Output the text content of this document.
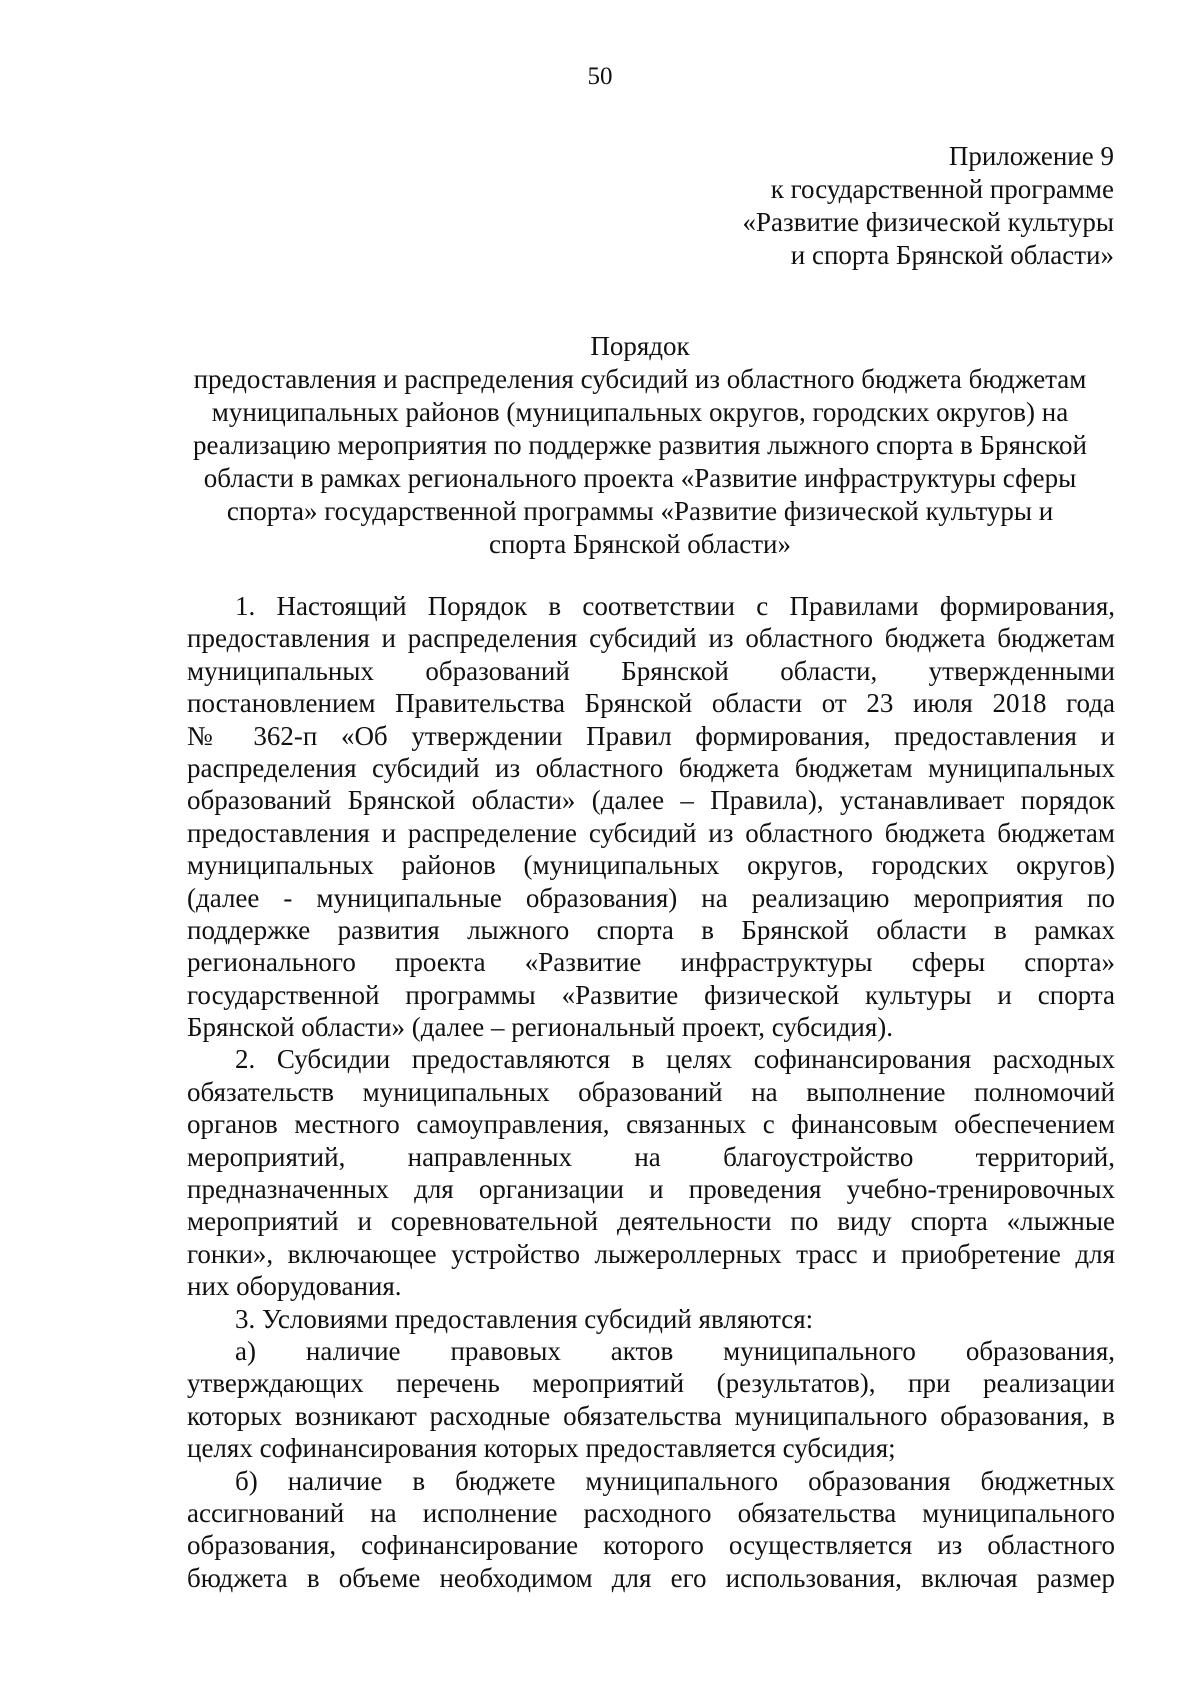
50
Приложение 9
к государственной программе
«Развитие физической культуры
и спорта Брянской области»
Порядок
предоставления и распределения субсидий из областного бюджета бюджетам
муниципальных районов (муниципальных округов, городских округов) на
реализацию мероприятия по поддержке развития лыжного спорта в Брянской
области в рамках регионального проекта «Развитие инфраструктуры сферы
спорта» государственной программы «Развитие физической культуры и
спорта Брянской области»
1. Настоящий Порядок в соответствии с Правилами формирования,
предоставления и распределения субсидий из областного бюджета бюджетам
муниципальных образований Брянской области, утвержденными
постановлением Правительства Брянской области от 23 июля 2018 года
№ 362-п «Об утверждении Правил формирования, предоставления и
распределения субсидий из областного бюджета бюджетам муниципальных
образований Брянской области» (далее – Правила), устанавливает порядок
предоставления и распределение субсидий из областного бюджета бюджетам
муниципальных районов (муниципальных округов, городских округов)
(далее - муниципальные образования) на реализацию мероприятия по
поддержке развития лыжного спорта в Брянской области в рамках
регионального проекта «Развитие инфраструктуры сферы спорта»
государственной программы «Развитие физической культуры и спорта
Брянской области» (далее – региональный проект, субсидия).
2. Субсидии предоставляются в целях софинансирования расходных
обязательств муниципальных образований на выполнение полномочий
органов местного самоуправления, связанных с финансовым обеспечением
мероприятий, направленных на благоустройство территорий,
предназначенных для организации и проведения учебно-тренировочных
мероприятий и соревновательной деятельности по виду спорта «лыжные
гонки», включающее устройство лыжероллерных трасс и приобретение для
них оборудования.
3. Условиями предоставления субсидий являются:
а) наличие правовых актов муниципального образования,
утверждающих перечень мероприятий (результатов), при реализации
которых возникают расходные обязательства муниципального образования, в
целях софинансирования которых предоставляется субсидия;
б) наличие в бюджете муниципального образования бюджетных
ассигнований на исполнение расходного обязательства муниципального
образования, софинансирование которого осуществляется из областного
бюджета в объеме необходимом для его использования, включая размер
